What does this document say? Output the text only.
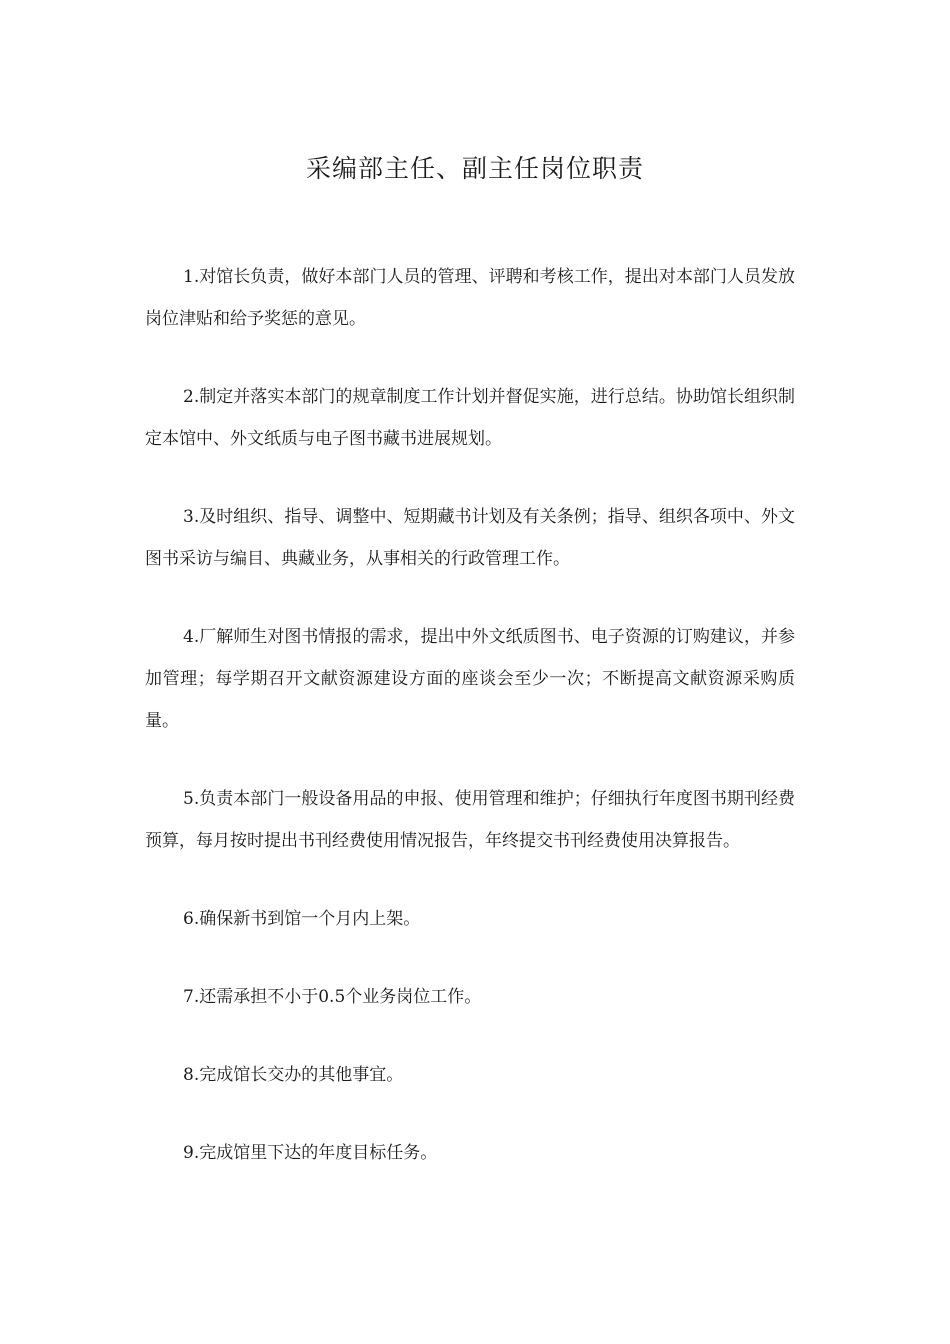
采编部主任、副主任岗位职责

1.对馆长负责，做好本部门人员的管理、评聘和考核工作，提出对本部门人员发放岗位津贴和给予奖惩的意见。

2.制定并落实本部门的规章制度工作计划并督促实施，进行总结。协助馆长组织制定本馆中、外文纸质与电子图书藏书进展规划。

3.及时组织、指导、调整中、短期藏书计划及有关条例；指导、组织各项中、外文图书采访与编目、典藏业务，从事相关的行政管理工作。

4.厂解师生对图书情报的需求，提出中外文纸质图书、电子资源的订购建议，并参加管理；每学期召开文献资源建设方面的座谈会至少一次；不断提高文献资源采购质量。

5.负责本部门一般设备用品的申报、使用管理和维护；仔细执行年度图书期刊经费预算，每月按时提出书刊经费使用情况报告，年终提交书刊经费使用决算报告。

6.确保新书到馆一个月内上架。

7.还需承担不小于0.5个业务岗位工作。

8.完成馆长交办的其他事宜。

9.完成馆里下达的年度目标任务。
